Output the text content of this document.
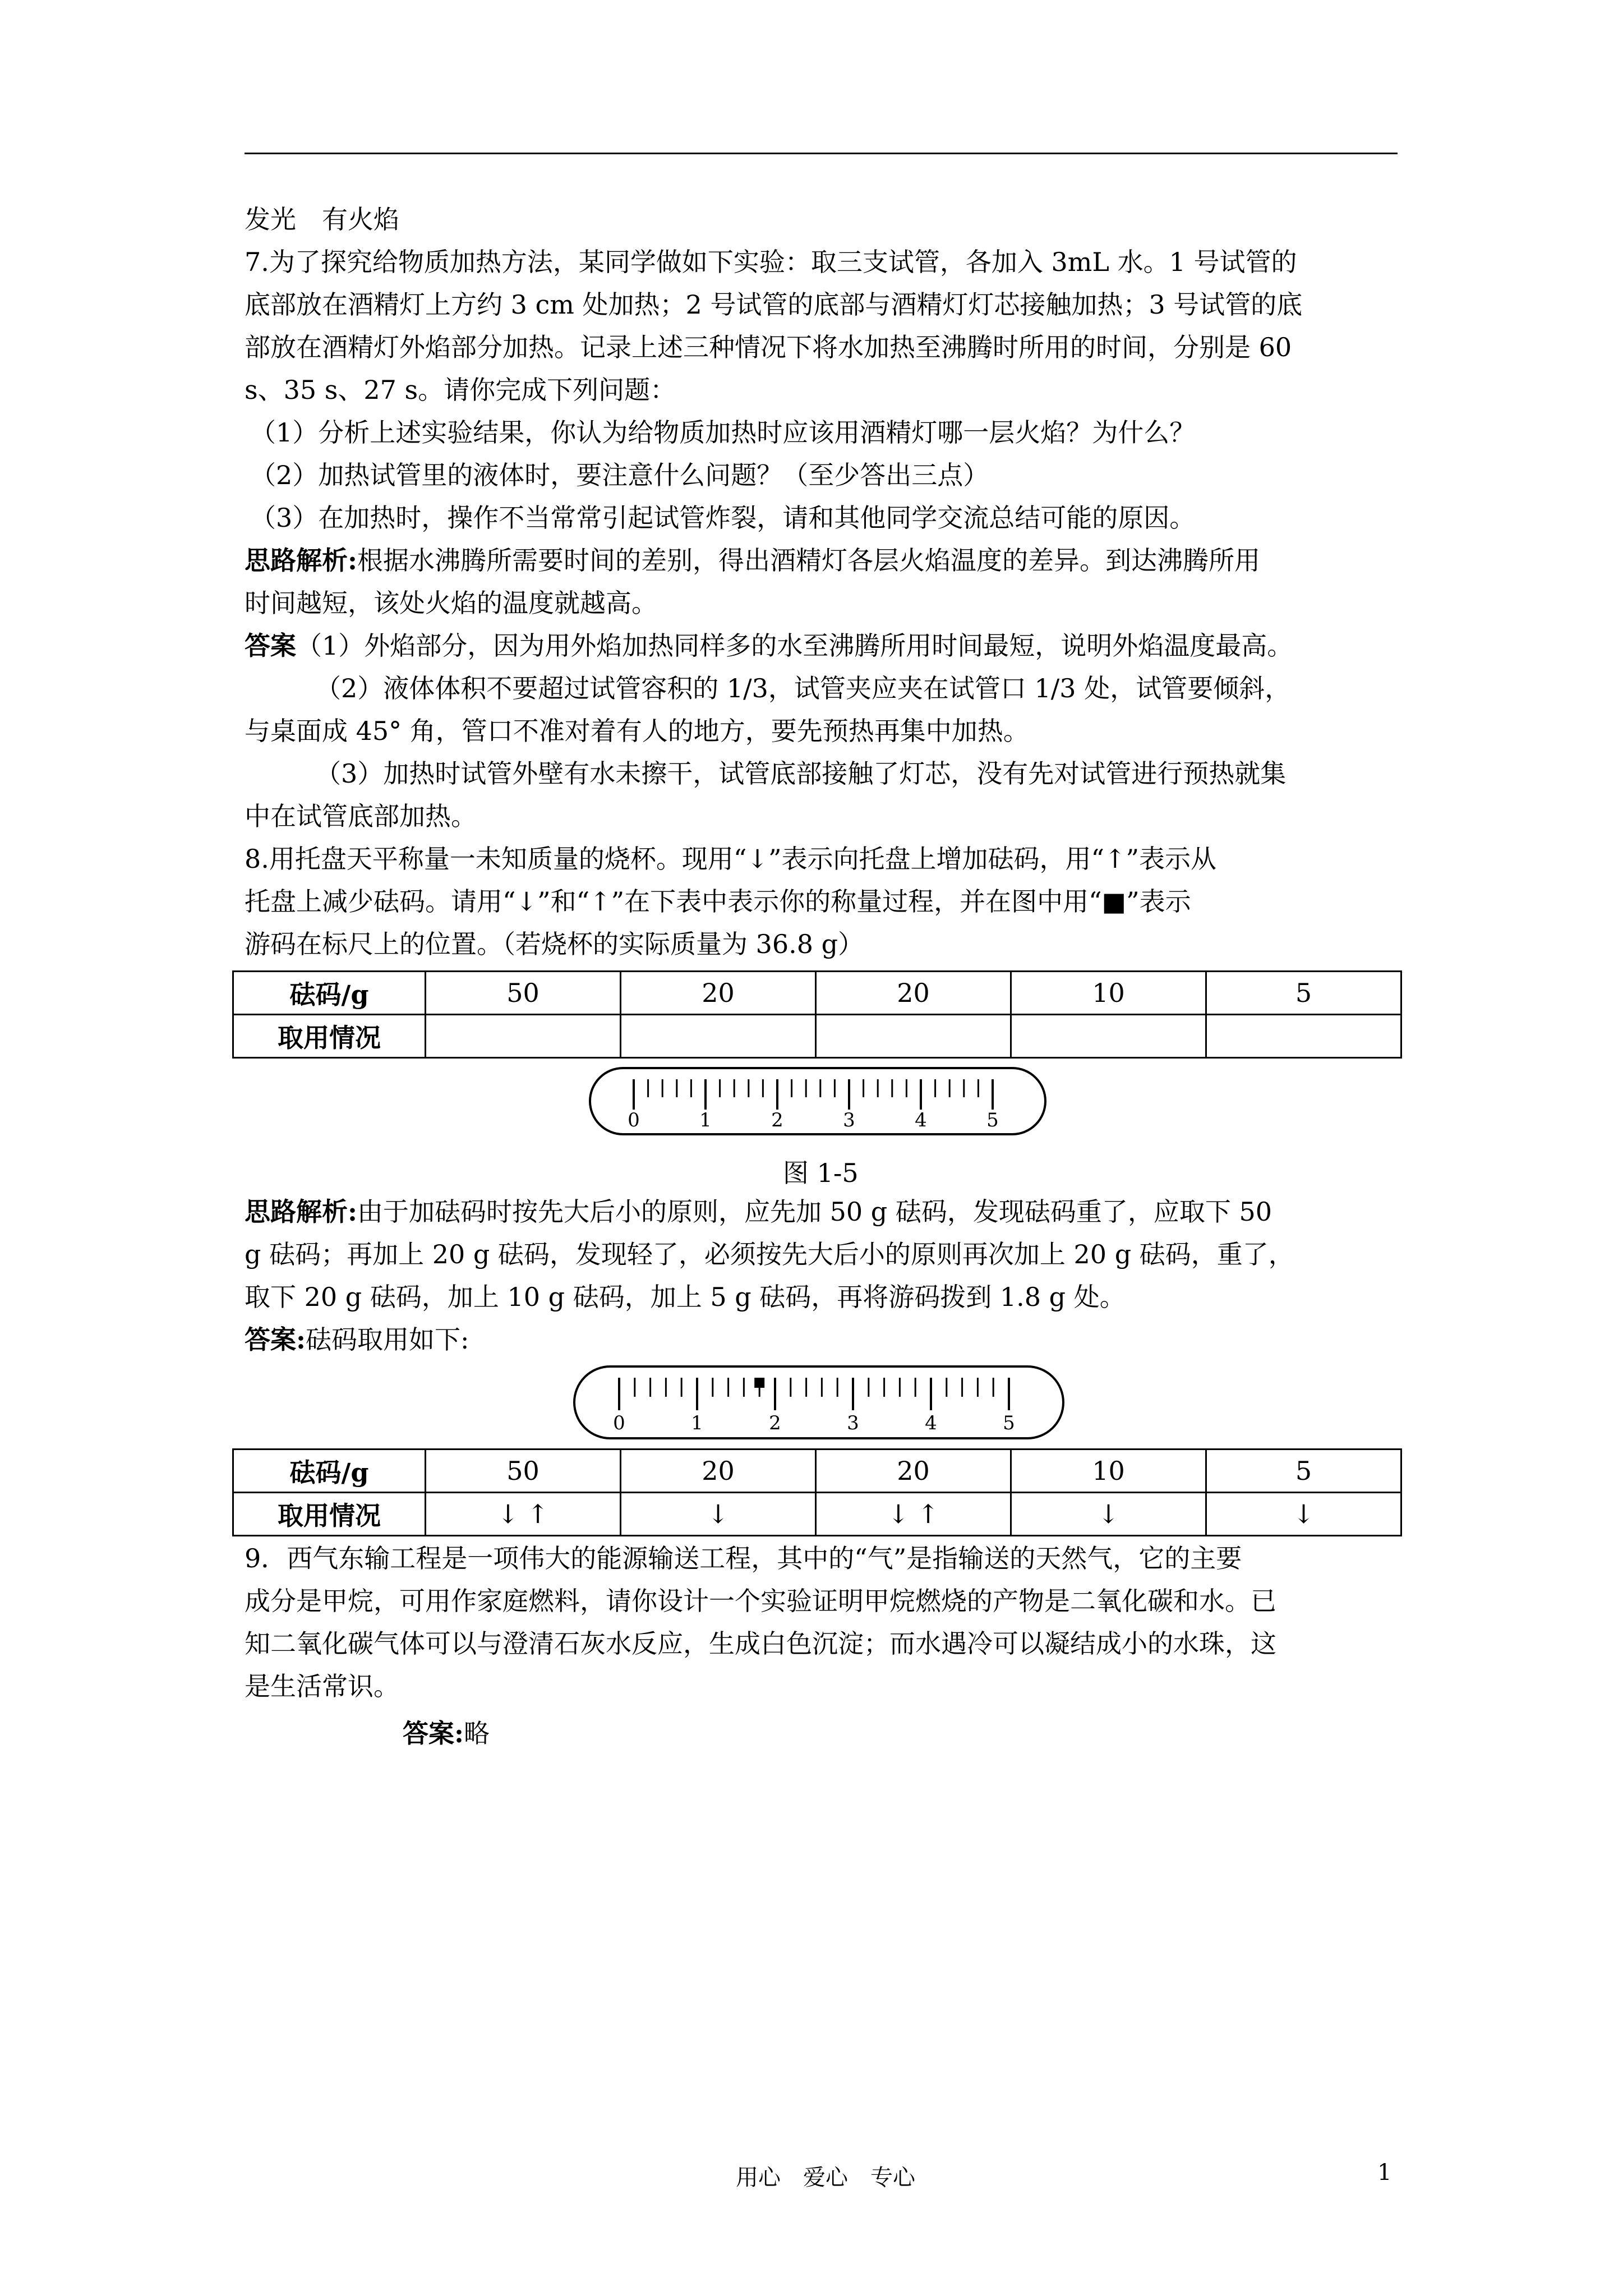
发光　有火焰
7.为了探究给物质加热方法，某同学做如下实验：取三支试管，各加入 3mL 水。1 号试管的
底部放在酒精灯上方约 3 cm 处加热；2 号试管的底部与酒精灯灯芯接触加热；3 号试管的底
部放在酒精灯外焰部分加热。记录上述三种情况下将水加热至沸腾时所用的时间，分别是 60
s、35 s、27 s。请你完成下列问题：
（1）分析上述实验结果，你认为给物质加热时应该用酒精灯哪一层火焰？为什么？
（2）加热试管里的液体时，要注意什么问题？（至少答出三点）
（3）在加热时，操作不当常常引起试管炸裂，请和其他同学交流总结可能的原因。
思路解析:根据水沸腾所需要时间的差别，得出酒精灯各层火焰温度的差异。到达沸腾所用
时间越短，该处火焰的温度就越高。
答案（1）外焰部分，因为用外焰加热同样多的水至沸腾所用时间最短，说明外焰温度最高。
（2）液体体积不要超过试管容积的 1/3，试管夹应夹在试管口 1/3 处，试管要倾斜，
与桌面成 45° 角，管口不准对着有人的地方，要先预热再集中加热。
（3）加热时试管外壁有水未擦干，试管底部接触了灯芯，没有先对试管进行预热就集
中在试管底部加热。
8.用托盘天平称量一未知质量的烧杯。现用“↓”表示向托盘上增加砝码，用“↑”表示从
托盘上减少砝码。请用“↓”和“↑”在下表中表示你的称量过程，并在图中用“■”表示
游码在标尺上的位置。（若烧杯的实际质量为 36.8 g）
砝码/g	50	20	20	10	5
取用情况					
0	1	2	3	4	5
图 1-5
思路解析:由于加砝码时按先大后小的原则，应先加 50 g 砝码，发现砝码重了，应取下 50
g 砝码；再加上 20 g 砝码，发现轻了，必须按先大后小的原则再次加上 20 g 砝码，重了，
取下 20 g 砝码，加上 10 g 砝码，加上 5 g 砝码，再将游码拨到 1.8 g 处。
答案:砝码取用如下:
0	1	2	3	4	5
砝码/g	50	20	20	10	5
取用情况	↓ ↑	↓	↓ ↑	↓	↓
9．西气东输工程是一项伟大的能源输送工程，其中的“气”是指输送的天然气，它的主要
成分是甲烷，可用作家庭燃料，请你设计一个实验证明甲烷燃烧的产物是二氧化碳和水。已
知二氧化碳气体可以与澄清石灰水反应，生成白色沉淀；而水遇冷可以凝结成小的水珠，这
是生活常识。
答案:略
用心　爱心　专心	1
